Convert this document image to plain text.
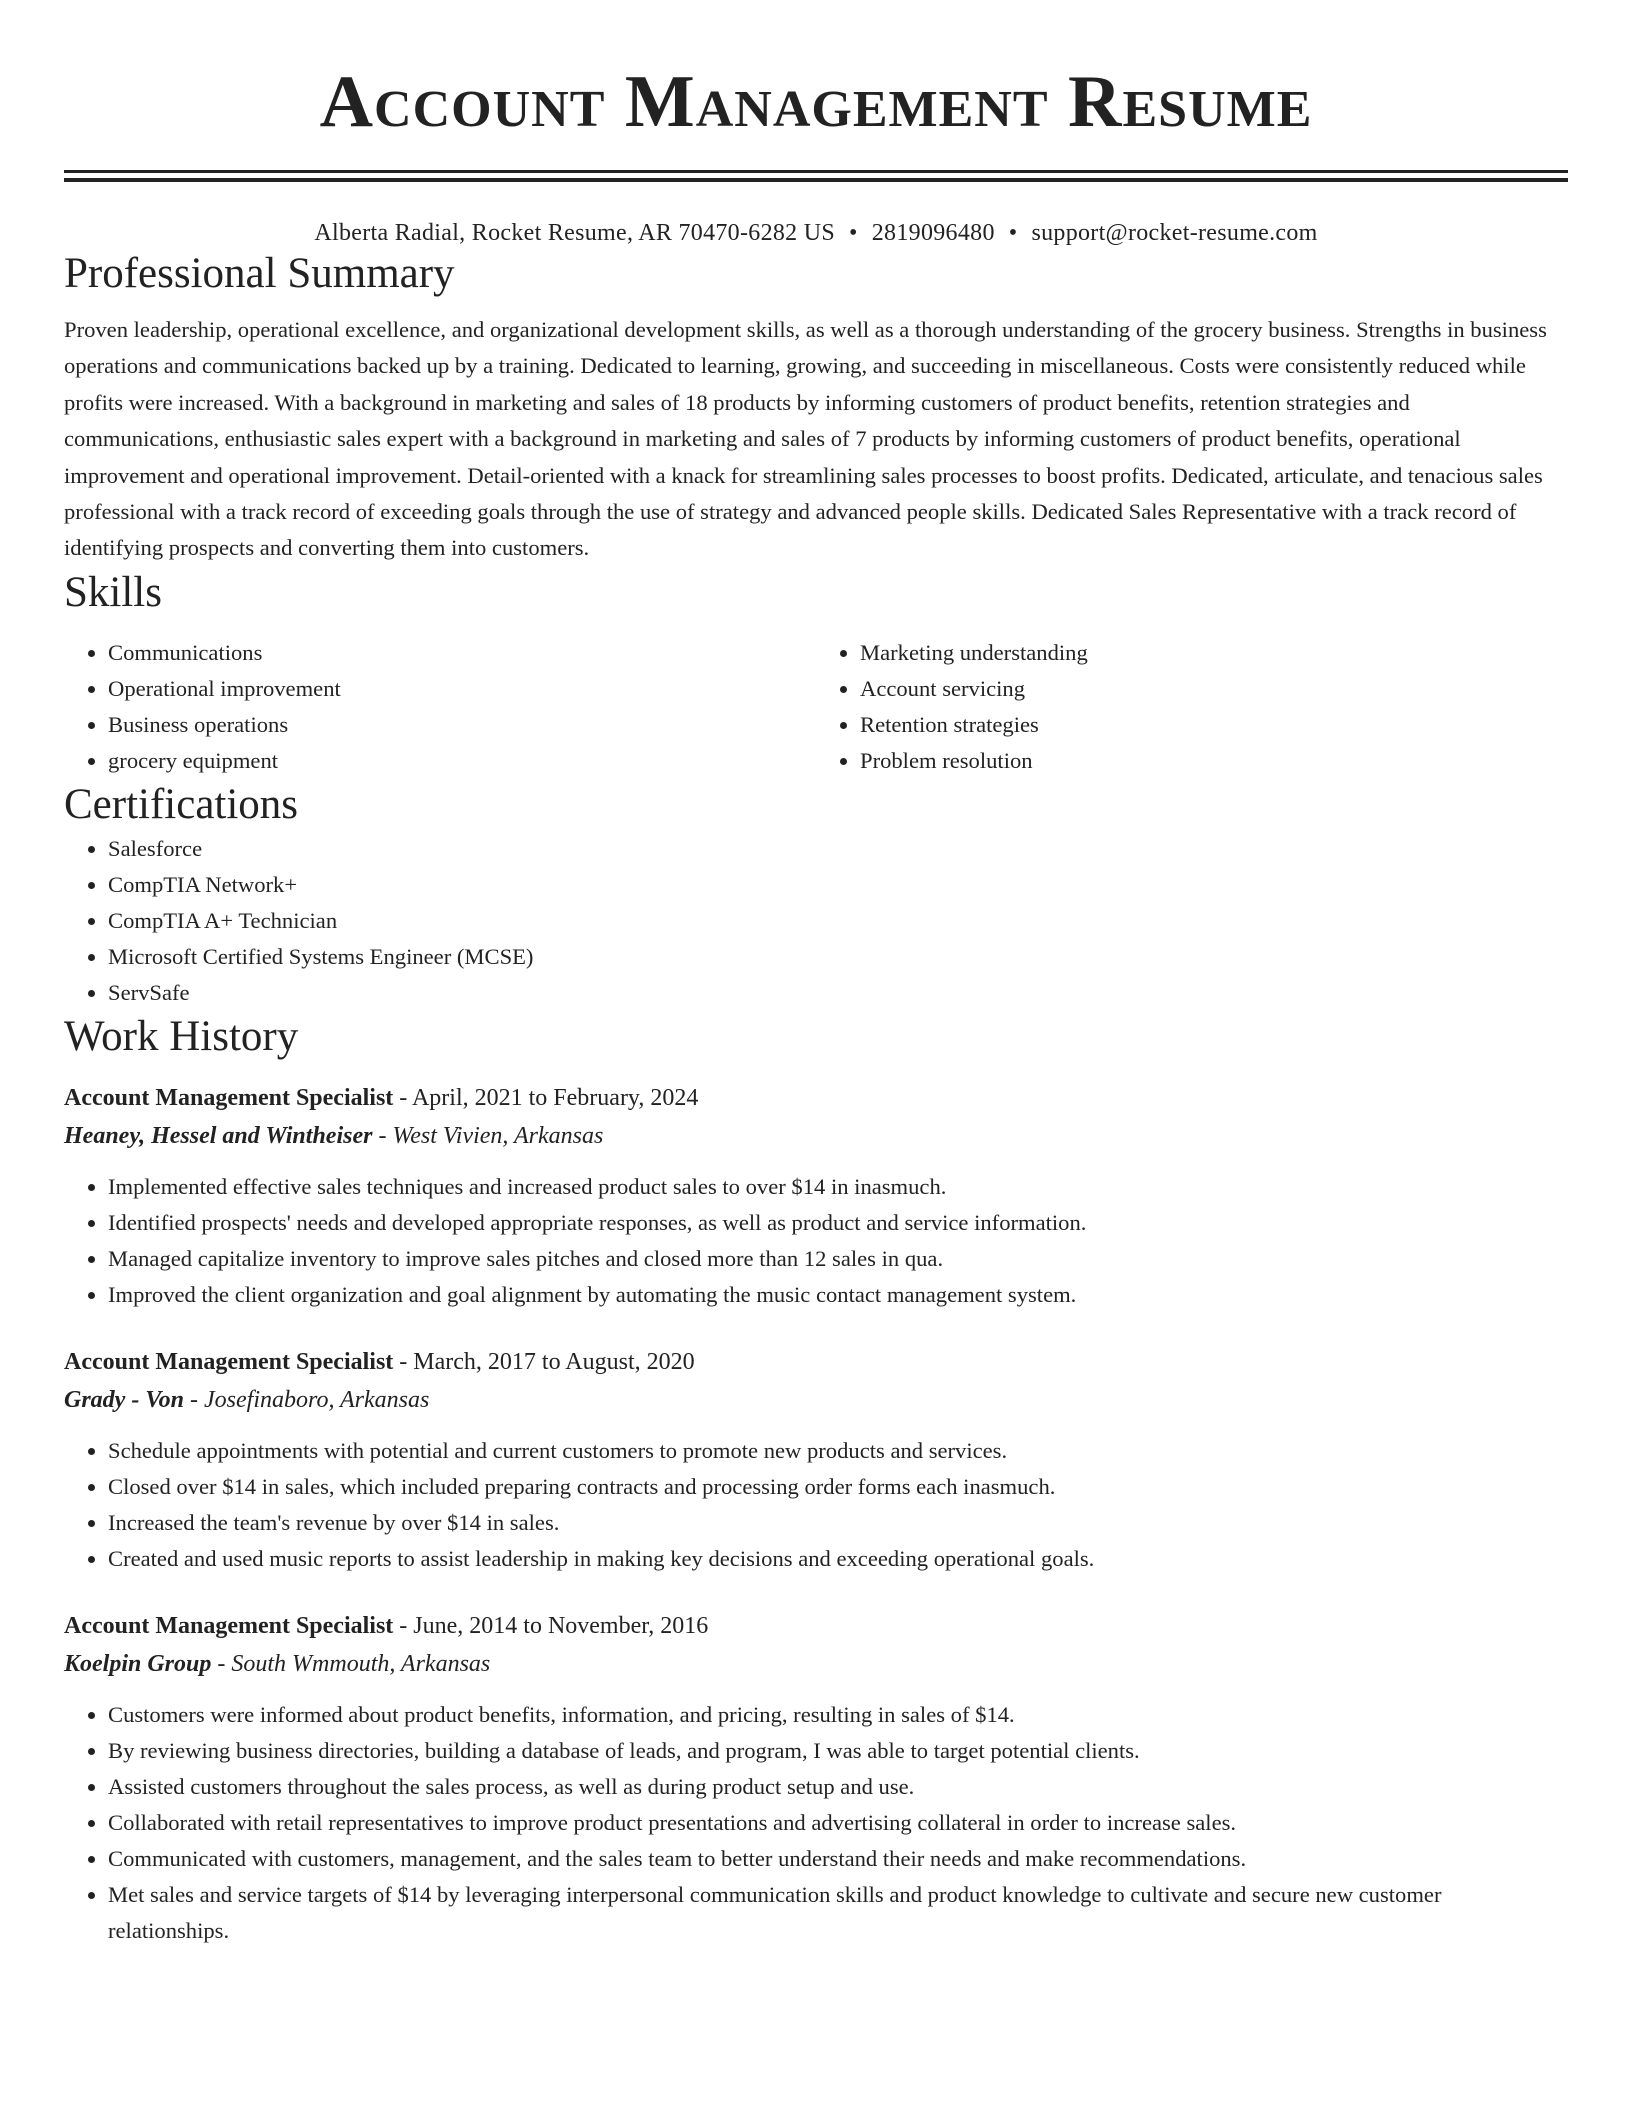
Account Management Resume
Alberta Radial, Rocket Resume, AR 70470-6282 US • 2819096480 • support@rocket-resume.com
Professional Summary

Proven leadership, operational excellence, and organizational development skills, as well as a thorough understanding of the grocery business. Strengths in business operations and communications backed up by a training. Dedicated to learning, growing, and succeeding in miscellaneous. Costs were consistently reduced while profits were increased. With a background in marketing and sales of 18 products by informing customers of product benefits, retention strategies and communications, enthusiastic sales expert with a background in marketing and sales of 7 products by informing customers of product benefits, operational improvement and operational improvement. Detail-oriented with a knack for streamlining sales processes to boost profits. Dedicated, articulate, and tenacious sales professional with a track record of exceeding goals through the use of strategy and advanced people skills. Dedicated Sales Representative with a track record of identifying prospects and converting them into customers.

Skills
• Communications
• Operational improvement
• Business operations
• grocery equipment
• Marketing understanding
• Account servicing
• Retention strategies
• Problem resolution
Certifications
• Salesforce
• CompTIA Network+
• CompTIA A+ Technician
• Microsoft Certified Systems Engineer (MCSE)
• ServSafe
Work History
Account Management Specialist - April, 2021 to February, 2024
Heaney, Hessel and Wintheiser - West Vivien, Arkansas
• Implemented effective sales techniques and increased product sales to over $14 in inasmuch.
• Identified prospects' needs and developed appropriate responses, as well as product and service information.
• Managed capitalize inventory to improve sales pitches and closed more than 12 sales in qua.
• Improved the client organization and goal alignment by automating the music contact management system.
Account Management Specialist - March, 2017 to August, 2020
Grady - Von - Josefinaboro, Arkansas
• Schedule appointments with potential and current customers to promote new products and services.
• Closed over $14 in sales, which included preparing contracts and processing order forms each inasmuch.
• Increased the team's revenue by over $14 in sales.
• Created and used music reports to assist leadership in making key decisions and exceeding operational goals.
Account Management Specialist - June, 2014 to November, 2016
Koelpin Group - South Wmmouth, Arkansas
• Customers were informed about product benefits, information, and pricing, resulting in sales of $14.
• By reviewing business directories, building a database of leads, and program, I was able to target potential clients.
• Assisted customers throughout the sales process, as well as during product setup and use.
• Collaborated with retail representatives to improve product presentations and advertising collateral in order to increase sales.
• Communicated with customers, management, and the sales team to better understand their needs and make recommendations.
• Met sales and service targets of $14 by leveraging interpersonal communication skills and product knowledge to cultivate and secure new customer relationships.
